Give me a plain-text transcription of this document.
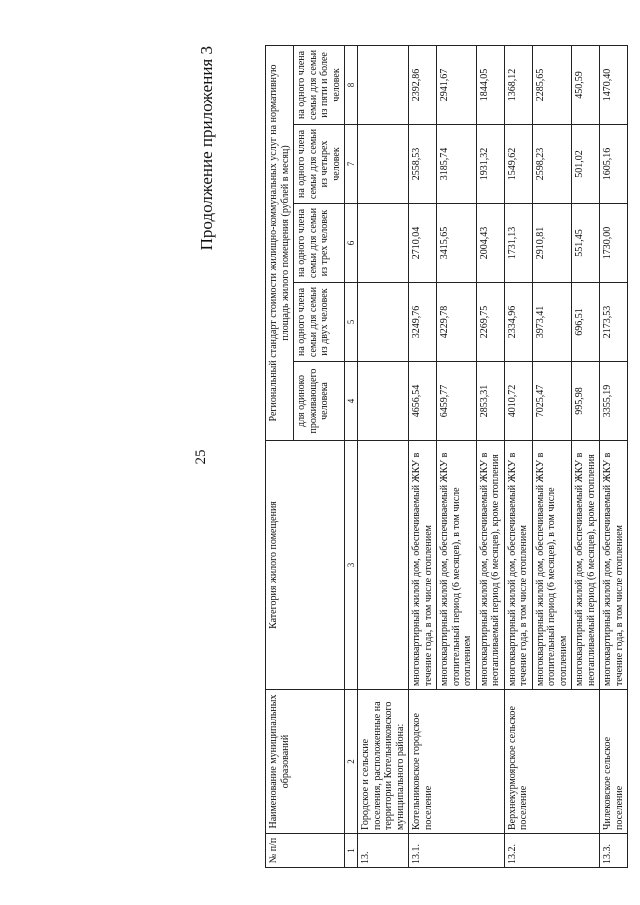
25
Продолжение приложения 3
№ п/п	Наименование муниципальных образований	Категория жилого помещения	Региональный стандарт стоимости жилищно-коммунальных услуг на нормативную площадь жилого помещения (рублей в месяц)				
			для одиноко проживающего человека	на одного члена семьи для семьи из двух человек	на одного члена семьи для семьи из трех человек	на одного члена семьи для семьи из четырех человек	на одного члена семьи для семьи из пяти и более человек
1	2	3	4	5	6	7	8
13.	Городское и сельские поселения, расположенные на территории Котельниковского муниципального района:						
13.1.	Котельниковское городское поселение	многоквартирный жилой дом, обеспечиваемый ЖКУ в течение года, в том числе отоплением	4656,54	3249,76	2710,04	2558,53	2392,86
		многоквартирный жилой дом, обеспечиваемый ЖКУ в отопительный период (6 месяцев), в том числе отоплением	6459,77	4229,78	3415,65	3185,74	2941,67
		многоквартирный жилой дом, обеспечиваемый ЖКУ в неотапливаемый период (6 месяцев), кроме отопления	2853,31	2269,75	2004,43	1931,32	1844,05
13.2.	Верхнекурмоярское сельское поселение	многоквартирный жилой дом, обеспечиваемый ЖКУ в течение года, в том числе отоплением	4010,72	2334,96	1731,13	1549,62	1368,12
		многоквартирный жилой дом, обеспечиваемый ЖКУ в отопительный период (6 месяцев), в том числе отоплением	7025,47	3973,41	2910,81	2598,23	2285,65
		многоквартирный жилой дом, обеспечиваемый ЖКУ в неотапливаемый период (6 месяцев), кроме отопления	995,98	696,51	551,45	501,02	450,59
13.3.	Чилековское сельское поселение	многоквартирный жилой дом, обеспечиваемый ЖКУ в течение года, в том числе отоплением	3355,19	2173,53	1730,00	1605,16	1470,40
